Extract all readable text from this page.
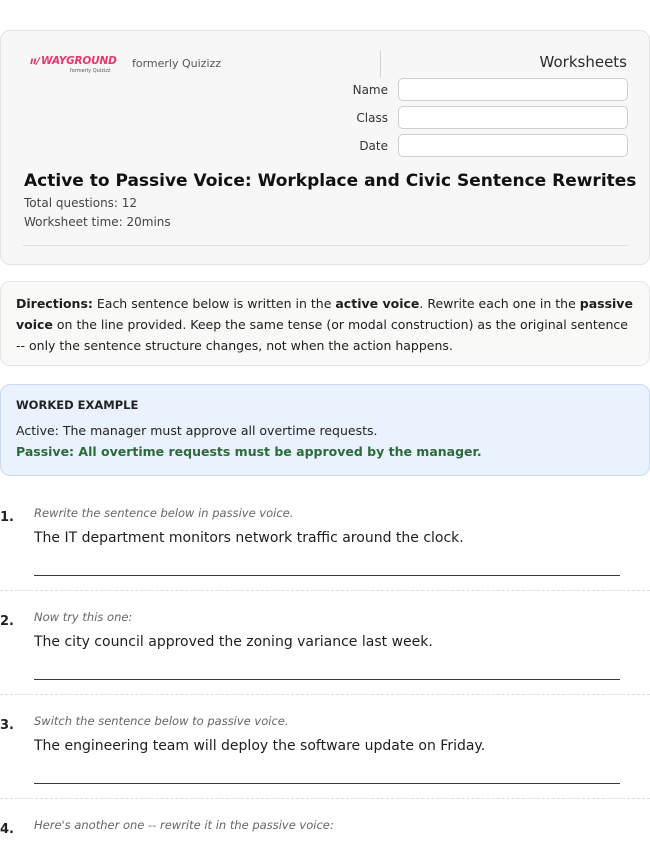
ıı/ WAYGROUND
formerly Quizizz
formerly Quizizz	Worksheets
Name
Class
Date
Active to Passive Voice: Workplace and Civic Sentence Rewrites
Total questions: 12
Worksheet time: 20mins
Directions: Each sentence below is written in the active voice. Rewrite each one in the passive voice on the line provided. Keep the same tense (or modal construction) as the original sentence -- only the sentence structure changes, not when the action happens.
WORKED EXAMPLE
Active: The manager must approve all overtime requests.
Passive: All overtime requests must be approved by the manager.
1. Rewrite the sentence below in passive voice.
The IT department monitors network traffic around the clock.
2. Now try this one:
The city council approved the zoning variance last week.
3. Switch the sentence below to passive voice.
The engineering team will deploy the software update on Friday.
4. Here's another one -- rewrite it in the passive voice:
